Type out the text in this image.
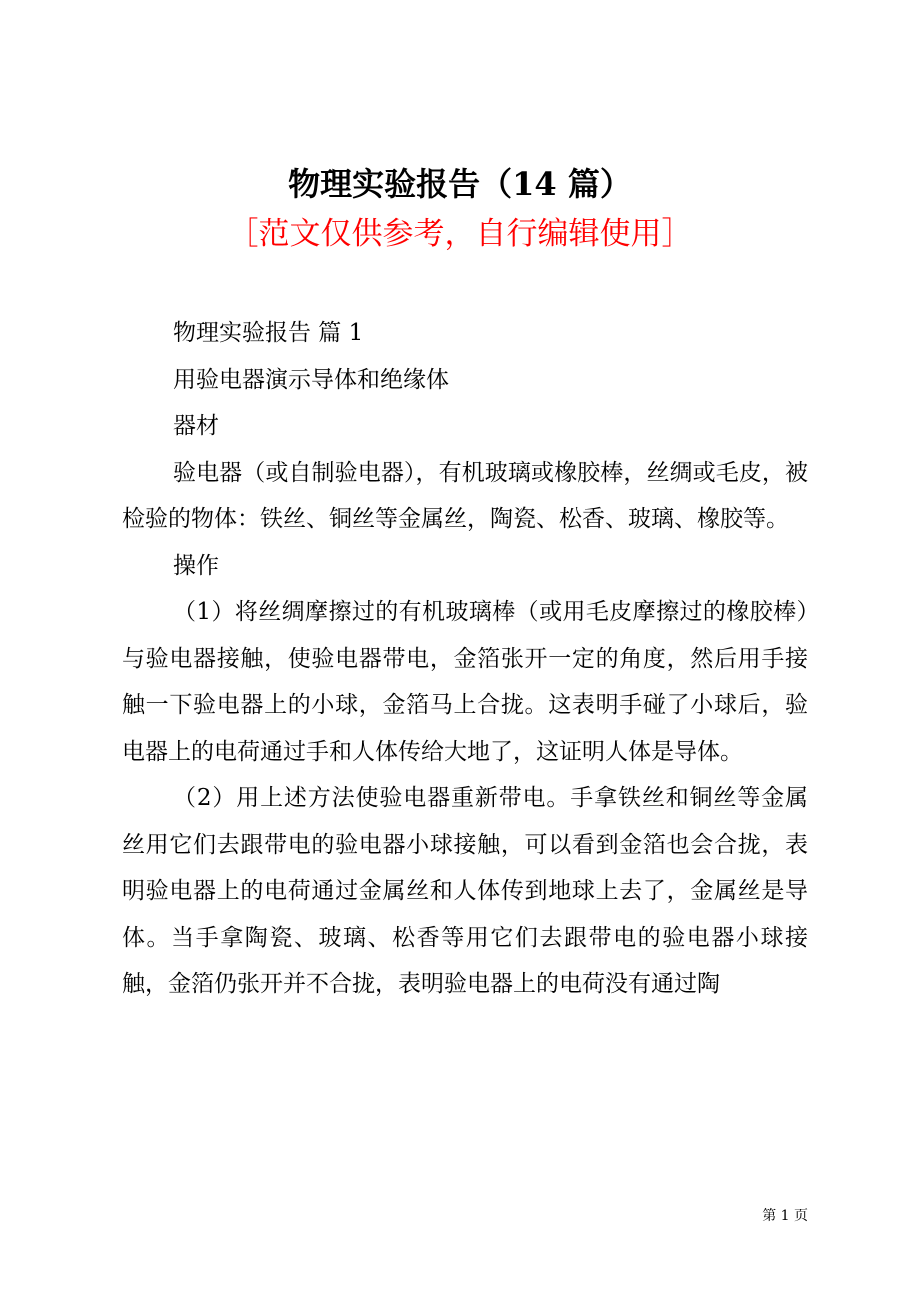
物理实验报告（14 篇）
［范文仅供参考，自行编辑使用］

物理实验报告 篇 1

用验电器演示导体和绝缘体

器材

验电器（或自制验电器），有机玻璃或橡胶棒，丝绸或毛皮，被检验的物体：铁丝、铜丝等金属丝，陶瓷、松香、玻璃、橡胶等。

操作

（1）将丝绸摩擦过的有机玻璃棒（或用毛皮摩擦过的橡胶棒）与验电器接触，使验电器带电，金箔张开一定的角度，然后用手接触一下验电器上的小球，金箔马上合拢。这表明手碰了小球后，验电器上的电荷通过手和人体传给大地了，这证明人体是导体。

（2）用上述方法使验电器重新带电。手拿铁丝和铜丝等金属丝用它们去跟带电的验电器小球接触，可以看到金箔也会合拢，表明验电器上的电荷通过金属丝和人体传到地球上去了，金属丝是导体。当手拿陶瓷、玻璃、松香等用它们去跟带电的验电器小球接触，金箔仍张开并不合拢，表明验电器上的电荷没有通过陶

第 1 页
